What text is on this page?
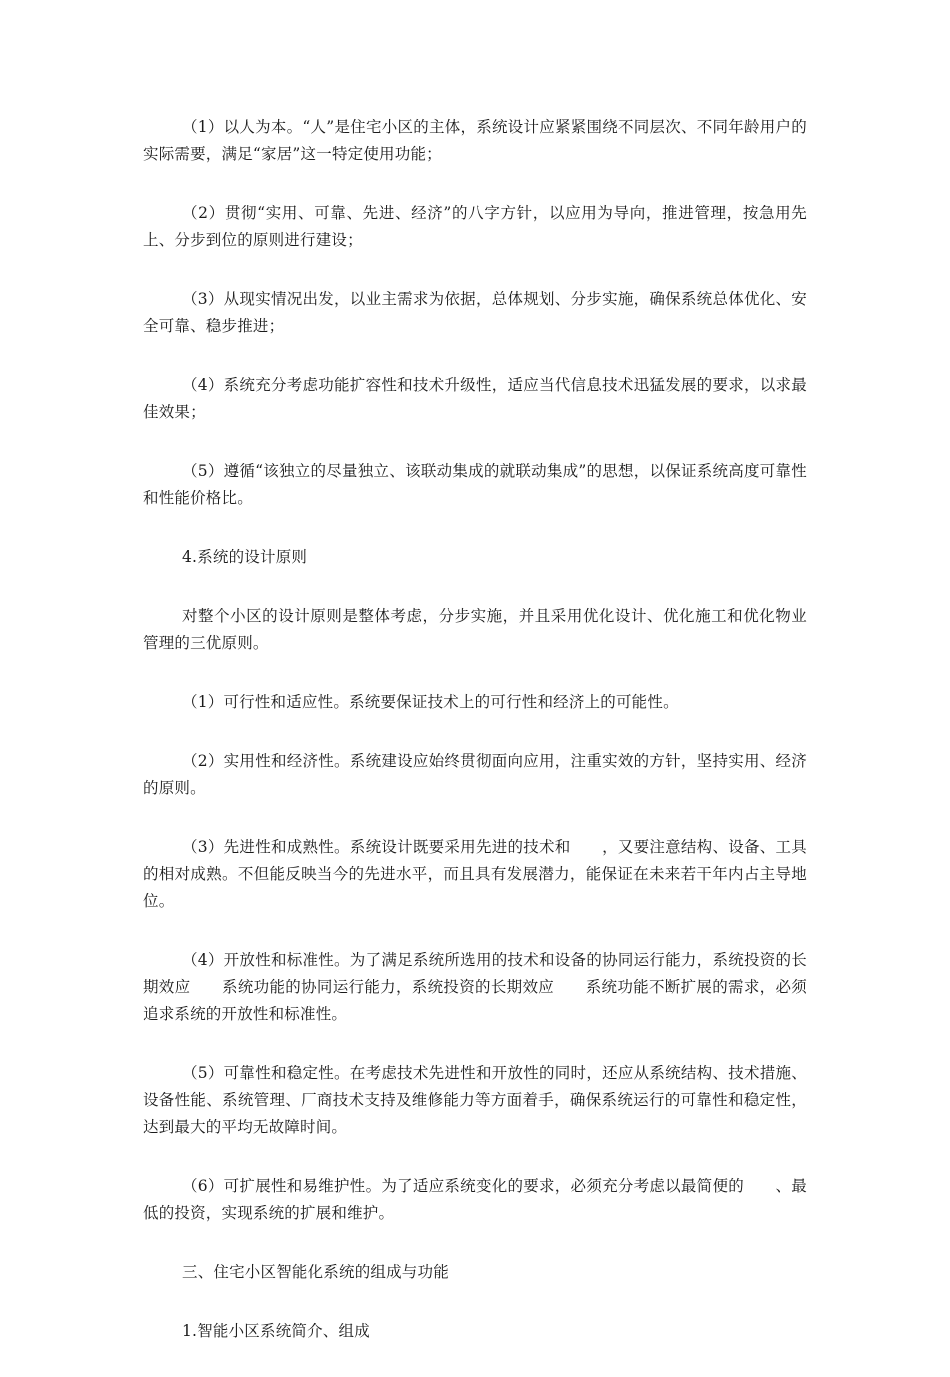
（1）以人为本。“人”是住宅小区的主体，系统设计应紧紧围绕不同层次、不同年龄用户的实际需要，满足“家居”这一特定使用功能；

（2）贯彻“实用、可靠、先进、经济”的八字方针，以应用为导向，推进管理，按急用先上、分步到位的原则进行建设；

（3）从现实情况出发，以业主需求为依据，总体规划、分步实施，确保系统总体优化、安全可靠、稳步推进；

（4）系统充分考虑功能扩容性和技术升级性，适应当代信息技术迅猛发展的要求，以求最佳效果；

（5）遵循“该独立的尽量独立、该联动集成的就联动集成”的思想，以保证系统高度可靠性和性能价格比。

4.系统的设计原则

对整个小区的设计原则是整体考虑，分步实施，并且采用优化设计、优化施工和优化物业管理的三优原则。

（1）可行性和适应性。系统要保证技术上的可行性和经济上的可能性。

（2）实用性和经济性。系统建设应始终贯彻面向应用，注重实效的方针，坚持实用、经济的原则。

（3）先进性和成熟性。系统设计既要采用先进的技术和　　，又要注意结构、设备、工具的相对成熟。不但能反映当今的先进水平，而且具有发展潜力，能保证在未来若干年内占主导地位。

（4）开放性和标准性。为了满足系统所选用的技术和设备的协同运行能力，系统投资的长期效应　　系统功能的协同运行能力，系统投资的长期效应　　系统功能不断扩展的需求，必须追求系统的开放性和标准性。

（5）可靠性和稳定性。在考虑技术先进性和开放性的同时，还应从系统结构、技术措施、设备性能、系统管理、厂商技术支持及维修能力等方面着手，确保系统运行的可靠性和稳定性，达到最大的平均无故障时间。

（6）可扩展性和易维护性。为了适应系统变化的要求，必须充分考虑以最简便的　　、最低的投资，实现系统的扩展和维护。

三、住宅小区智能化系统的组成与功能

1.智能小区系统简介、组成
